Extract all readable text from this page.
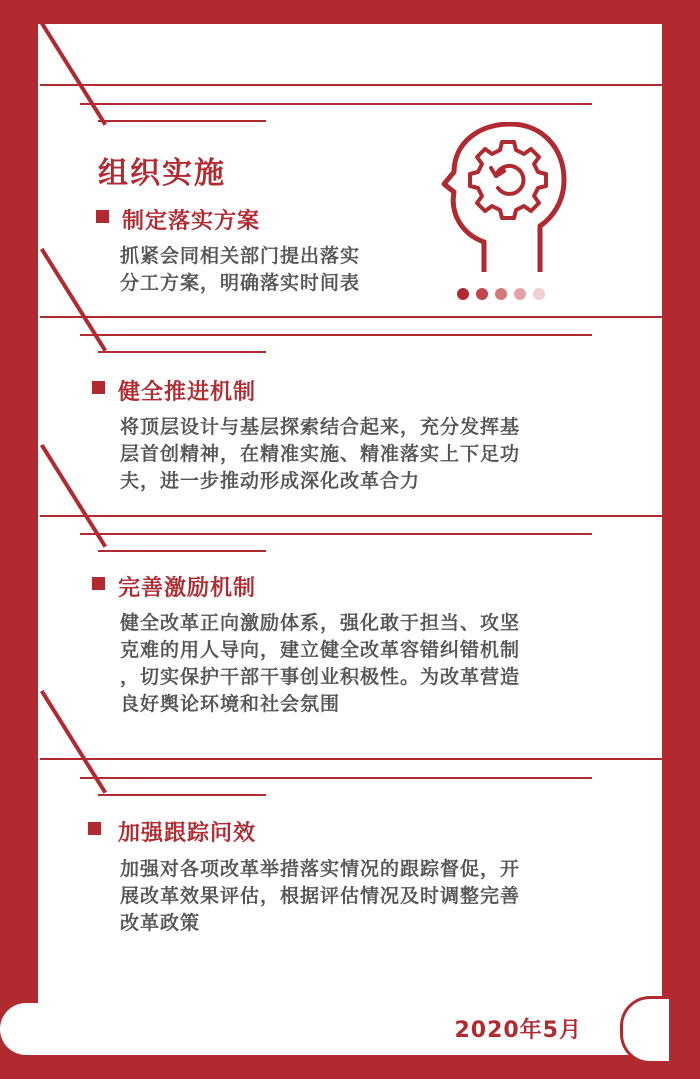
组织实施
制定落实方案
抓紧会同相关部门提出落实
分工方案，明确落实时间表
健全推进机制
将顶层设计与基层探索结合起来，充分发挥基
层首创精神，在精准实施、精准落实上下足功
夫，进一步推动形成深化改革合力
完善激励机制
健全改革正向激励体系，强化敢于担当、攻坚
克难的用人导向，建立健全改革容错纠错机制
，切实保护干部干事创业积极性。为改革营造
良好舆论环境和社会氛围
加强跟踪问效
加强对各项改革举措落实情况的跟踪督促，开
展改革效果评估，根据评估情况及时调整完善
改革政策
2020年5月
